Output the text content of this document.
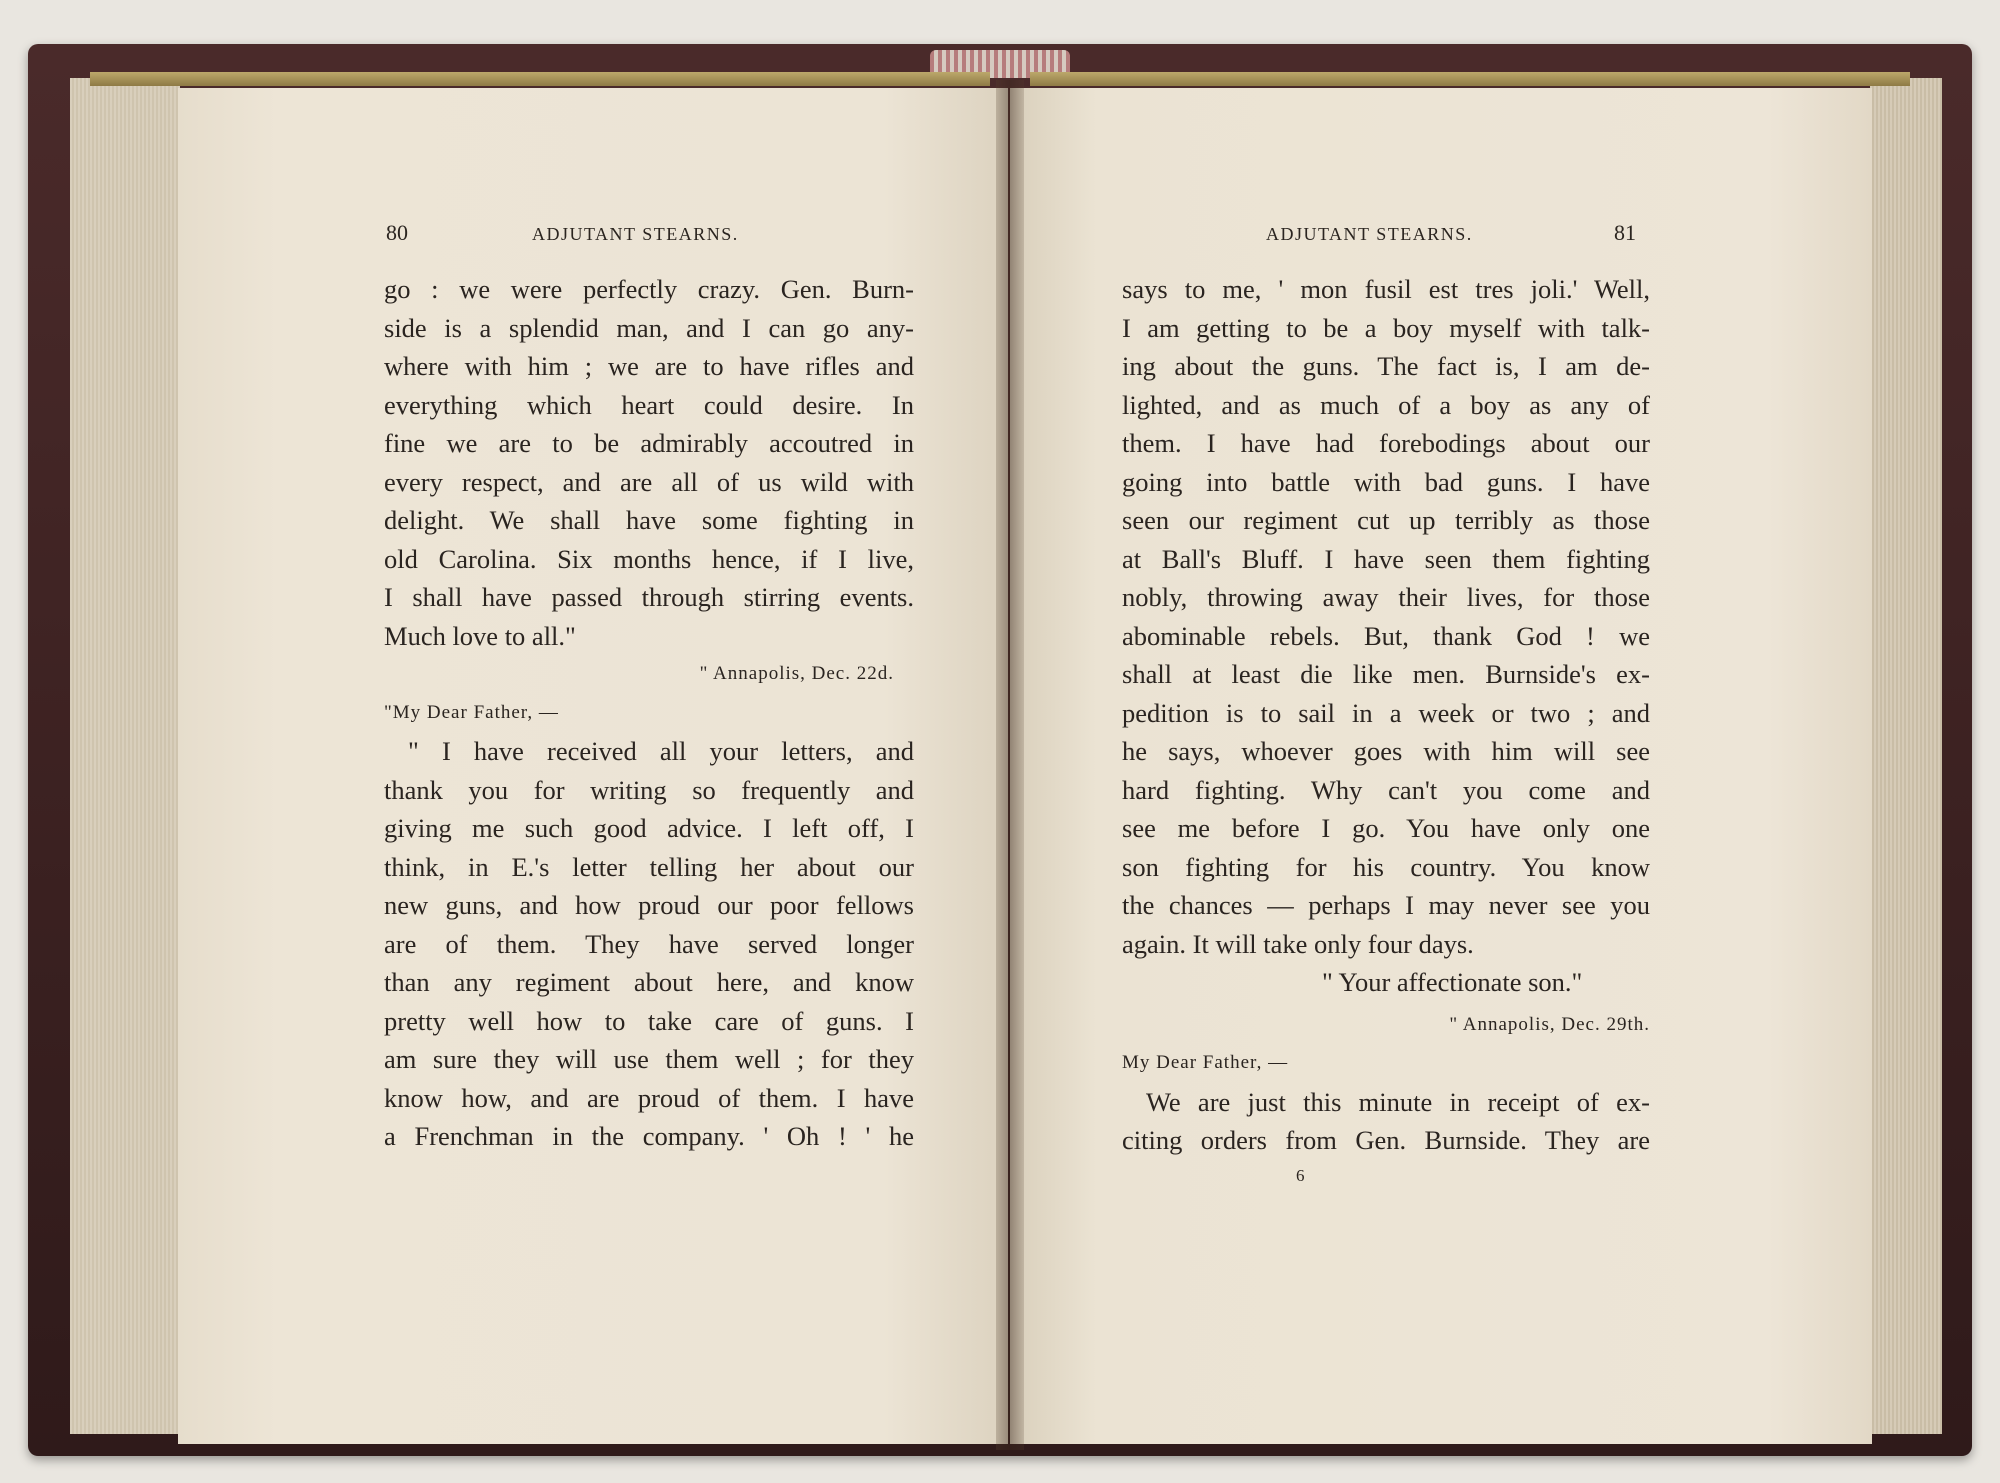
80	ADJUTANT STEARNS.	ADJUTANT STEARNS.	81
go : we were perfectly crazy. Gen. Burn-
side is a splendid man, and I can go any-
where with him ; we are to have rifles and
everything which heart could desire. In
fine we are to be admirably accoutred in
every respect, and are all of us wild with
delight. We shall have some fighting in
old Carolina. Six months hence, if I live,
I shall have passed through stirring events.
Much love to all."
" Annapolis, Dec. 22d.
"My Dear Father, —
" I have received all your letters, and
thank you for writing so frequently and
giving me such good advice. I left off, I
think, in E.'s letter telling her about our
new guns, and how proud our poor fellows
are of them. They have served longer
than any regiment about here, and know
pretty well how to take care of guns. I
am sure they will use them well ; for they
know how, and are proud of them. I have
a Frenchman in the company. ' Oh ! ' he
says to me, ' mon fusil est tres joli.' Well,
I am getting to be a boy myself with talk-
ing about the guns. The fact is, I am de-
lighted, and as much of a boy as any of
them. I have had forebodings about our
going into battle with bad guns. I have
seen our regiment cut up terribly as those
at Ball's Bluff. I have seen them fighting
nobly, throwing away their lives, for those
abominable rebels. But, thank God ! we
shall at least die like men. Burnside's ex-
pedition is to sail in a week or two ; and
he says, whoever goes with him will see
hard fighting. Why can't you come and
see me before I go. You have only one
son fighting for his country. You know
the chances — perhaps I may never see you
again. It will take only four days.
" Your affectionate son."
" Annapolis, Dec. 29th.
My Dear Father, —
We are just this minute in receipt of ex-
citing orders from Gen. Burnside. They are
6
